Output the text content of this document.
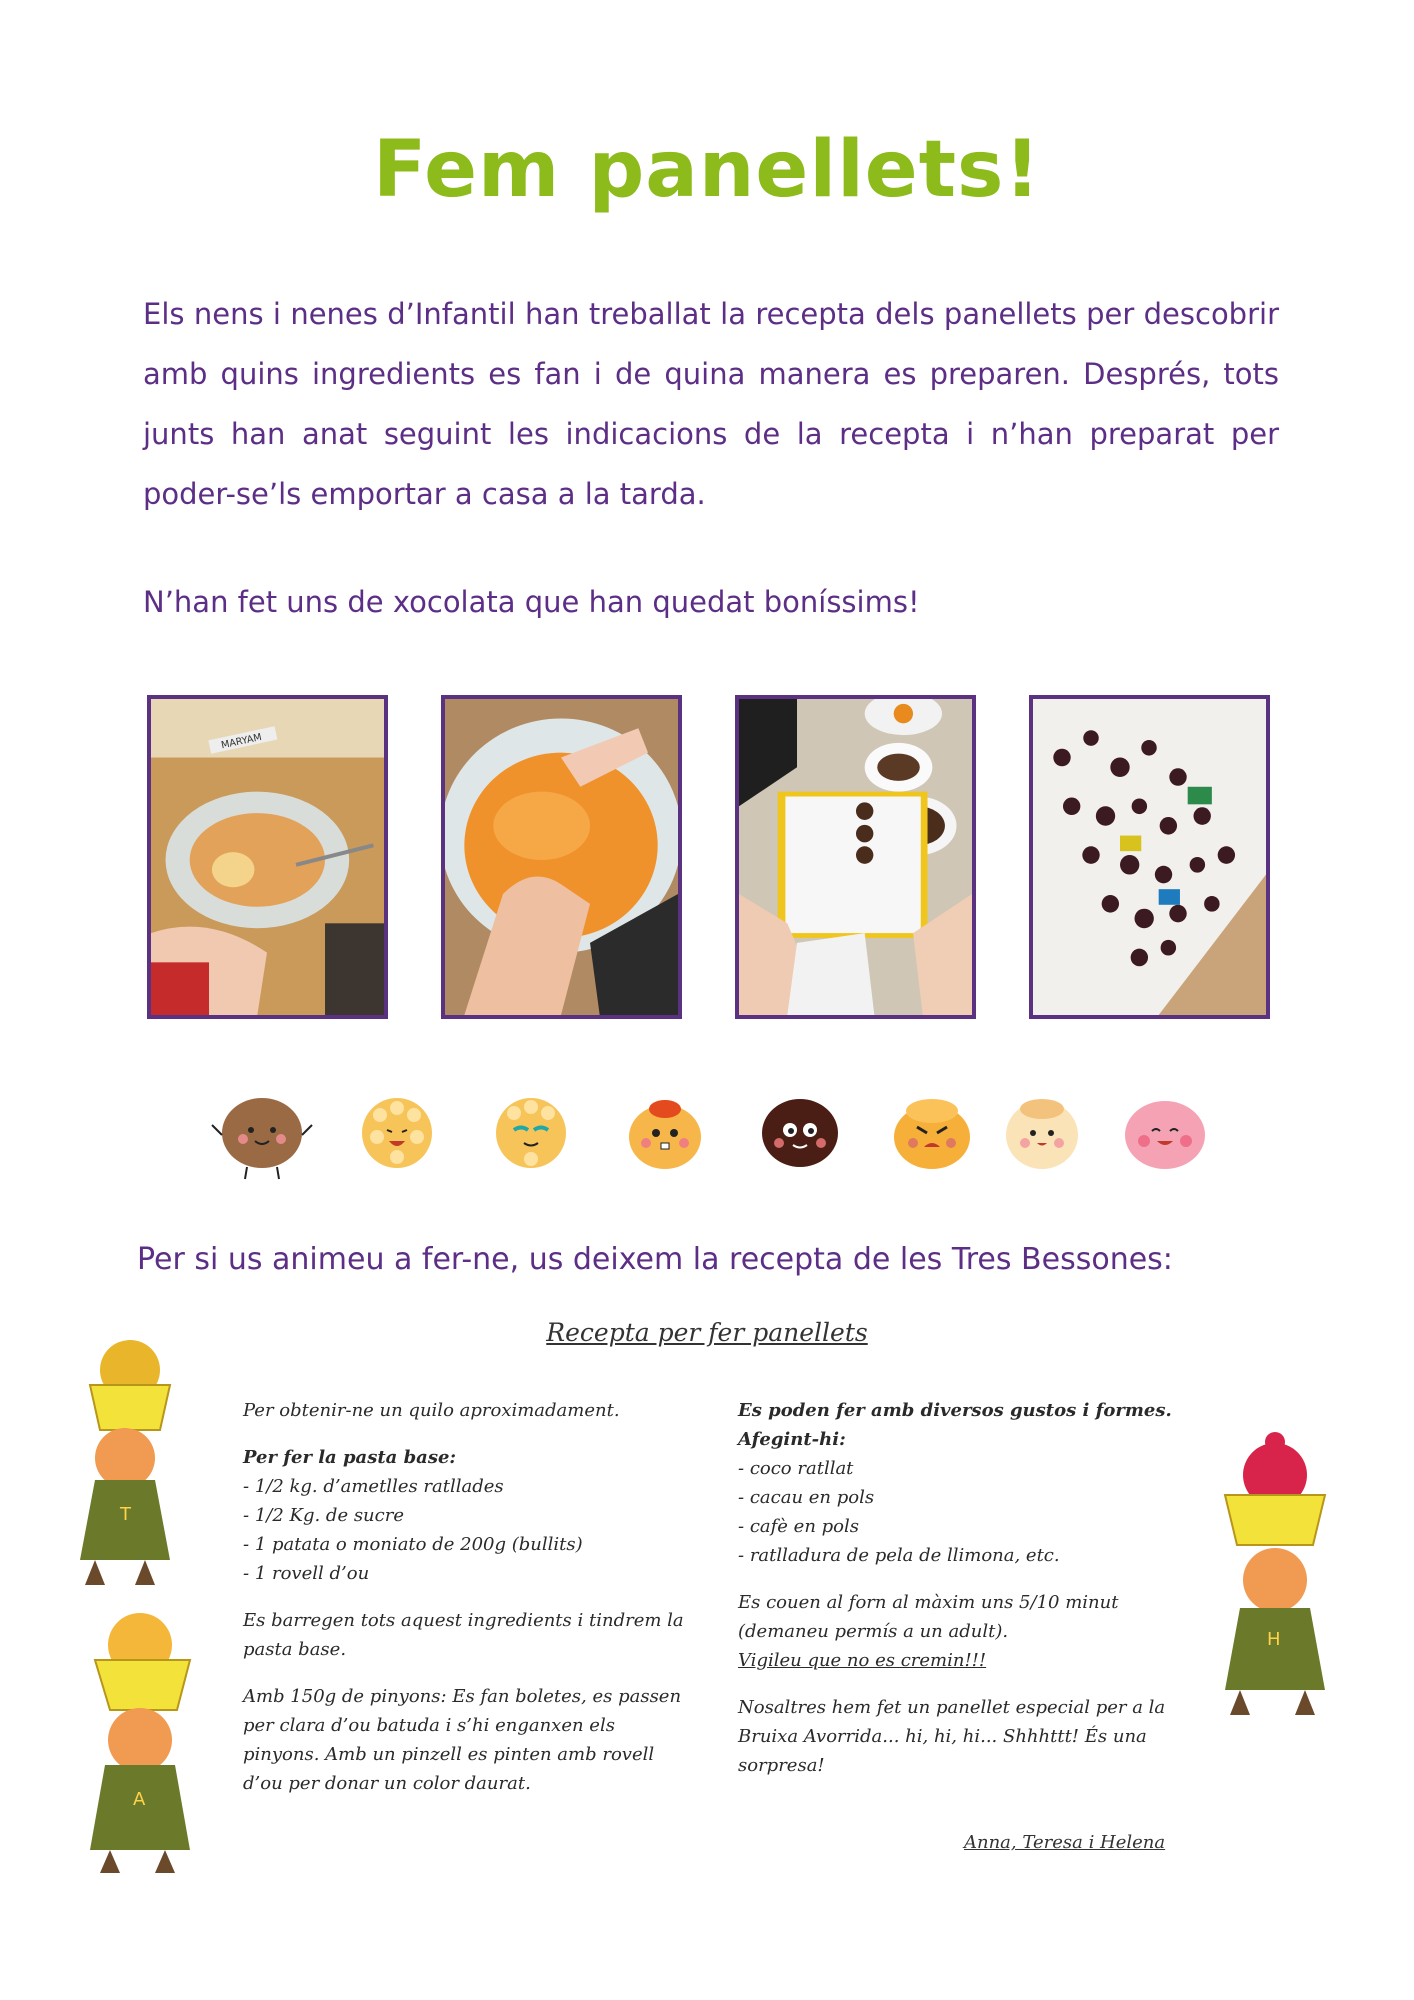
Fem panellets!

Els nens i nenes d’Infantil han treballat la recepta dels panellets per descobrir amb quins ingredients es fan i de quina manera es preparen. Després, tots junts han anat seguint les indicacions de la recepta i n’han preparat per poder-se’ls emportar a casa a la tarda.

N’han fet uns de xocolata que han quedat boníssims!

MARYAM

Per si us animeu a fer-ne, us deixem la recepta de les Tres Bessones:

Recepta per fer panellets

Per obtenir-ne un quilo aproximadament.

Per fer la pasta base:
- 1/2 kg. d’ametlles ratllades
- 1/2 Kg. de sucre
- 1 patata o moniato de 200g (bullits)
- 1 rovell d’ou

Es barregen tots aquest ingredients i tindrem la pasta base.

Amb 150g de pinyons: Es fan boletes, es passen per clara d’ou batuda i s’hi enganxen els pinyons. Amb un pinzell es pinten amb rovell d’ou per donar un color daurat.

Es poden fer amb diversos gustos i formes.
Afegint-hi:
- coco ratllat
- cacau en pols
- cafè en pols
- ratlladura de pela de llimona, etc.
Es couen al forn al màxim uns 5/10 minut (demaneu permís a un adult).

Vigileu que no es cremin!!!

Nosaltres hem fet un panellet especial per a la Bruixa Avorrida... hi, hi, hi... Shhhttt! És una sorpresa!

Anna, Teresa i Helena
T
A
H
